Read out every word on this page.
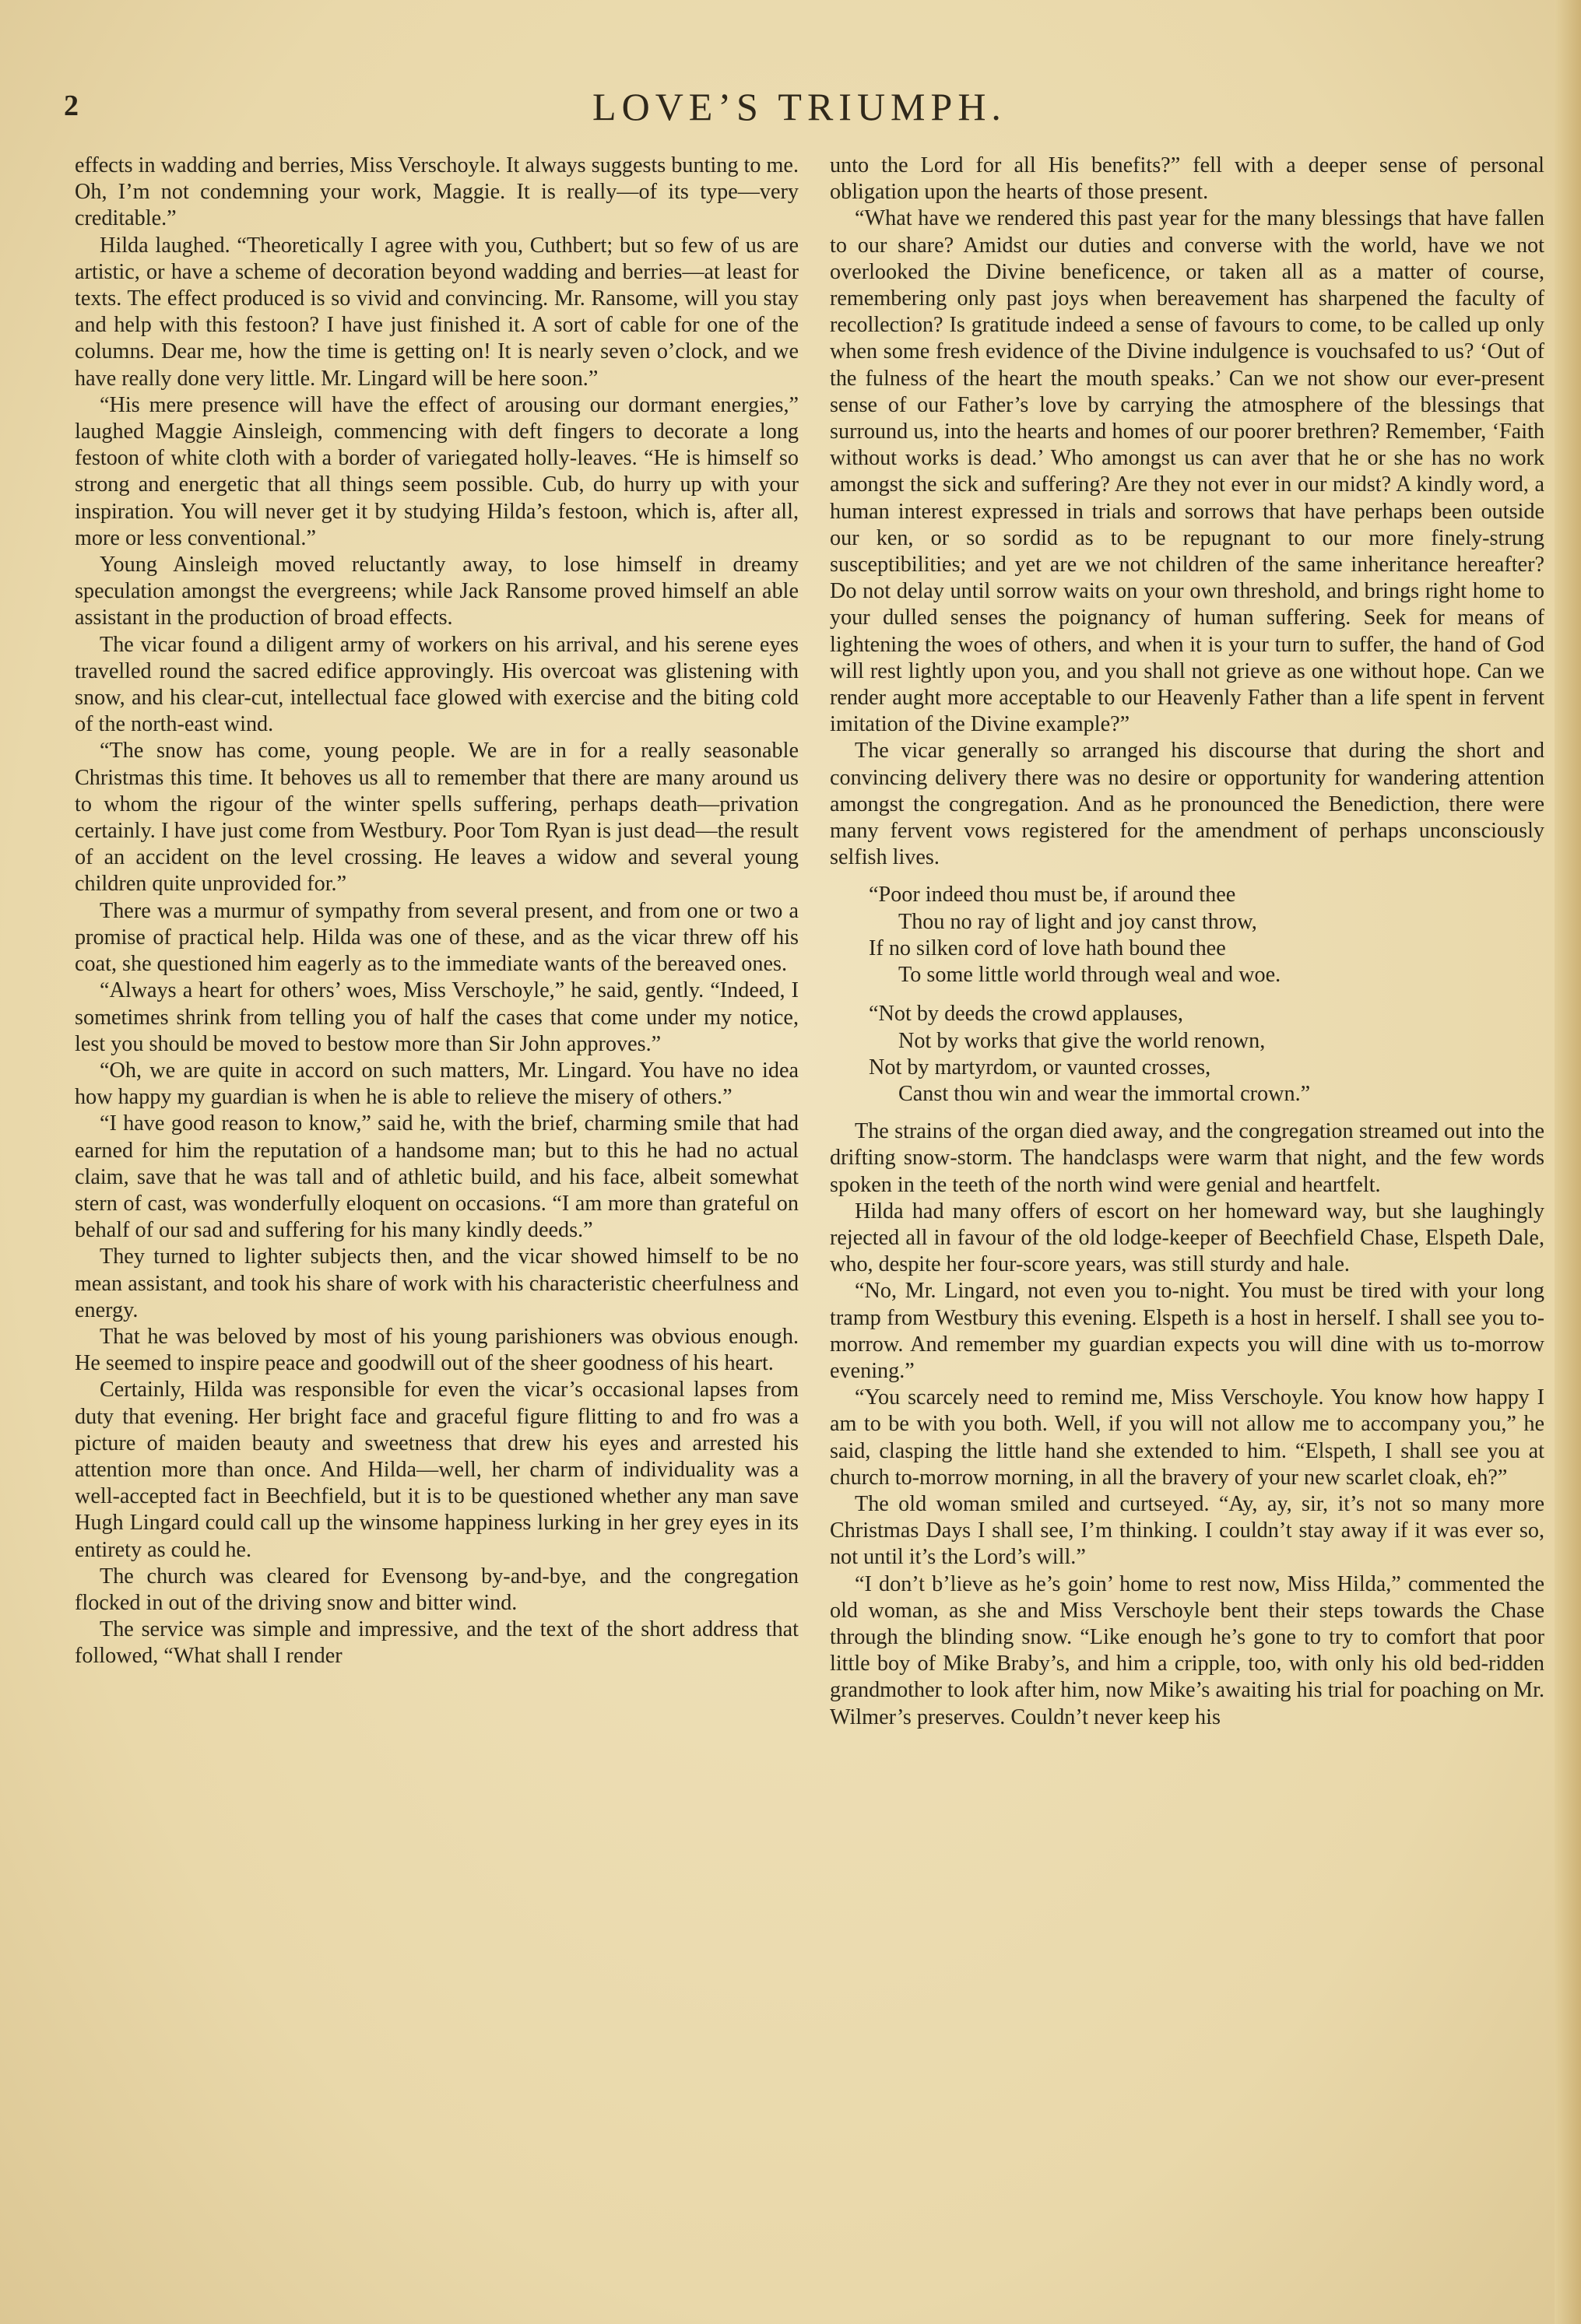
2	LOVE’S TRIUMPH.

effects in wadding and berries, Miss Verschoyle. It always suggests bunting to me. Oh, I’m not condemning your work, Maggie. It is really—of its type—very creditable.”

Hilda laughed. “Theoretically I agree with you, Cuthbert; but so few of us are artistic, or have a scheme of decoration beyond wadding and berries—at least for texts. The effect produced is so vivid and convincing. Mr. Ransome, will you stay and help with this festoon? I have just finished it. A sort of cable for one of the columns. Dear me, how the time is getting on! It is nearly seven o’clock, and we have really done very little. Mr. Lingard will be here soon.”

“His mere presence will have the effect of arousing our dormant energies,” laughed Maggie Ainsleigh, commencing with deft fingers to decorate a long festoon of white cloth with a border of variegated holly-leaves. “He is himself so strong and energetic that all things seem possible. Cub, do hurry up with your inspiration. You will never get it by studying Hilda’s festoon, which is, after all, more or less conventional.”

Young Ainsleigh moved reluctantly away, to lose himself in dreamy speculation amongst the evergreens; while Jack Ransome proved himself an able assistant in the production of broad effects.

The vicar found a diligent army of workers on his arrival, and his serene eyes travelled round the sacred edifice approvingly. His overcoat was glistening with snow, and his clear-cut, intellectual face glowed with exercise and the biting cold of the north-east wind.

“The snow has come, young people. We are in for a really seasonable Christmas this time. It behoves us all to remember that there are many around us to whom the rigour of the winter spells suffering, perhaps death—privation certainly. I have just come from Westbury. Poor Tom Ryan is just dead—the result of an accident on the level crossing. He leaves a widow and several young children quite unprovided for.”

There was a murmur of sympathy from several present, and from one or two a promise of practical help. Hilda was one of these, and as the vicar threw off his coat, she questioned him eagerly as to the immediate wants of the bereaved ones.

“Always a heart for others’ woes, Miss Verschoyle,” he said, gently. “Indeed, I sometimes shrink from telling you of half the cases that come under my notice, lest you should be moved to bestow more than Sir John approves.”

“Oh, we are quite in accord on such matters, Mr. Lingard. You have no idea how happy my guardian is when he is able to relieve the misery of others.”

“I have good reason to know,” said he, with the brief, charming smile that had earned for him the reputation of a handsome man; but to this he had no actual claim, save that he was tall and of athletic build, and his face, albeit somewhat stern of cast, was wonderfully eloquent on occasions. “I am more than grateful on behalf of our sad and suffering for his many kindly deeds.”

They turned to lighter subjects then, and the vicar showed himself to be no mean assistant, and took his share of work with his characteristic cheerfulness and energy.

That he was beloved by most of his young parishioners was obvious enough. He seemed to inspire peace and goodwill out of the sheer goodness of his heart.

Certainly, Hilda was responsible for even the vicar’s occasional lapses from duty that evening. Her bright face and graceful figure flitting to and fro was a picture of maiden beauty and sweetness that drew his eyes and arrested his attention more than once. And Hilda—well, her charm of individuality was a well-accepted fact in Beechfield, but it is to be questioned whether any man save Hugh Lingard could call up the winsome happiness lurking in her grey eyes in its entirety as could he.

The church was cleared for Evensong by-and-bye, and the congregation flocked in out of the driving snow and bitter wind.

The service was simple and impressive, and the text of the short address that followed, “What shall I render

unto the Lord for all His benefits?” fell with a deeper sense of personal obligation upon the hearts of those present.

“What have we rendered this past year for the many blessings that have fallen to our share? Amidst our duties and converse with the world, have we not overlooked the Divine beneficence, or taken all as a matter of course, remembering only past joys when bereavement has sharpened the faculty of recollection? Is gratitude indeed a sense of favours to come, to be called up only when some fresh evidence of the Divine indulgence is vouchsafed to us? ‘Out of the fulness of the heart the mouth speaks.’ Can we not show our ever-present sense of our Father’s love by carrying the atmosphere of the blessings that surround us, into the hearts and homes of our poorer brethren? Remember, ‘Faith without works is dead.’ Who amongst us can aver that he or she has no work amongst the sick and suffering? Are they not ever in our midst? A kindly word, a human interest expressed in trials and sorrows that have perhaps been outside our ken, or so sordid as to be repugnant to our more finely-strung susceptibilities; and yet are we not children of the same inheritance hereafter? Do not delay until sorrow waits on your own threshold, and brings right home to your dulled senses the poignancy of human suffering. Seek for means of lightening the woes of others, and when it is your turn to suffer, the hand of God will rest lightly upon you, and you shall not grieve as one without hope. Can we render aught more acceptable to our Heavenly Father than a life spent in fervent imitation of the Divine example?”

The vicar generally so arranged his discourse that during the short and convincing delivery there was no desire or opportunity for wandering attention amongst the congregation. And as he pronounced the Benediction, there were many fervent vows registered for the amendment of perhaps unconsciously selfish lives.

“Poor indeed thou must be, if around thee
Thou no ray of light and joy canst throw,
If no silken cord of love hath bound thee
To some little world through weal and woe.
“Not by deeds the crowd applauses,
Not by works that give the world renown,
Not by martyrdom, or vaunted crosses,
Canst thou win and wear the immortal crown.”

The strains of the organ died away, and the congregation streamed out into the drifting snow-storm. The handclasps were warm that night, and the few words spoken in the teeth of the north wind were genial and heartfelt.

Hilda had many offers of escort on her homeward way, but she laughingly rejected all in favour of the old lodge-keeper of Beechfield Chase, Elspeth Dale, who, despite her four-score years, was still sturdy and hale.

“No, Mr. Lingard, not even you to-night. You must be tired with your long tramp from Westbury this evening. Elspeth is a host in herself. I shall see you to-morrow. And remember my guardian expects you will dine with us to-morrow evening.”

“You scarcely need to remind me, Miss Verschoyle. You know how happy I am to be with you both. Well, if you will not allow me to accompany you,” he said, clasping the little hand she extended to him. “Elspeth, I shall see you at church to-morrow morning, in all the bravery of your new scarlet cloak, eh?”

The old woman smiled and curtseyed. “Ay, ay, sir, it’s not so many more Christmas Days I shall see, I’m thinking. I couldn’t stay away if it was ever so, not until it’s the Lord’s will.”

“I don’t b’lieve as he’s goin’ home to rest now, Miss Hilda,” commented the old woman, as she and Miss Verschoyle bent their steps towards the Chase through the blinding snow. “Like enough he’s gone to try to comfort that poor little boy of Mike Braby’s, and him a cripple, too, with only his old bed-ridden grandmother to look after him, now Mike’s awaiting his trial for poaching on Mr. Wilmer’s preserves. Couldn’t never keep his
